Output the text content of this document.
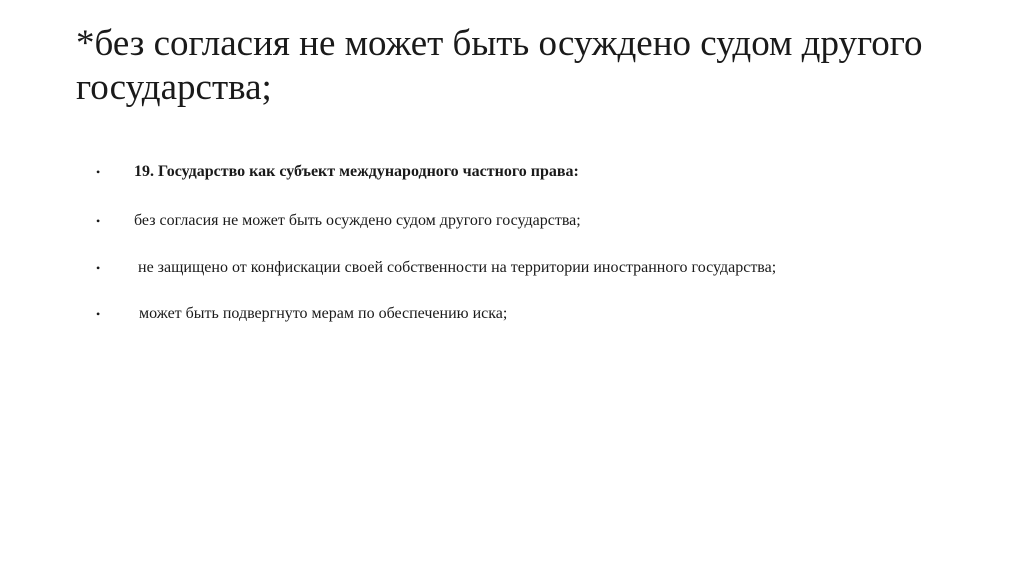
*без согласия не может быть осуждено судом другого государства;
• 19. Государство как субъект международного частного права:
• без согласия не может быть осуждено судом другого государства;
• не защищено от конфискации своей собственности на территории иностранного государства;
• может быть подвергнуто мерам по обеспечению иска;
